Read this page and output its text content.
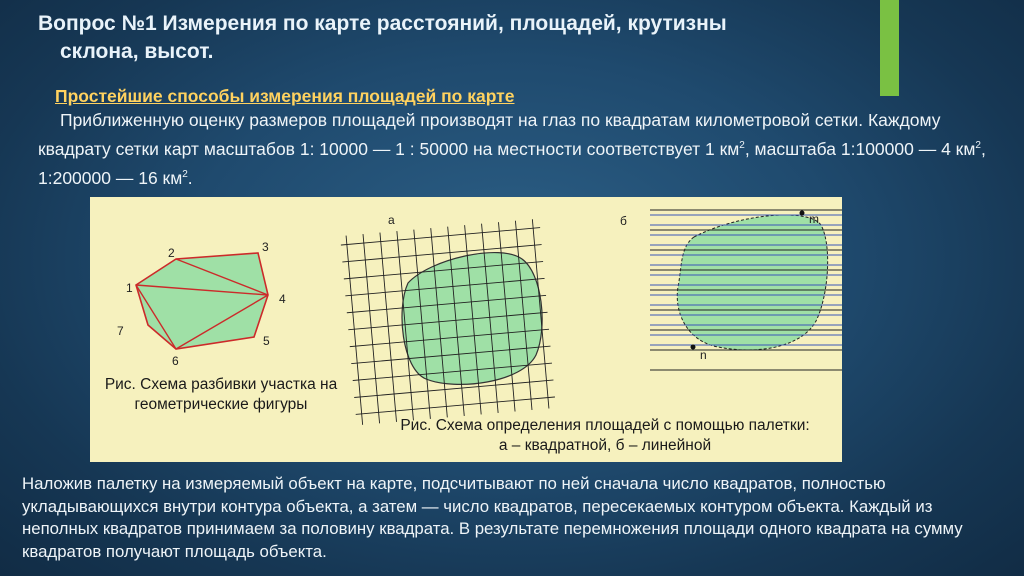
Вопрос №1 Измерения по карте расстояний, площадей, крутизны
склона, высот.
Простейшие способы измерения площадей по карте
Приближенную оценку размеров площадей производят на глаз по квадратам километровой сетки. Каждому квадрату сетки карт масштабов 1: 10000 — 1 : 50000 на местности соответствует 1 $км^2$, масштаба 1:100000 — 4 $км^2$, 1:200000 — 16 $км^2$.
1
2	3
4
5
6
7
а	б	m
n
Рис. Схема разбивки участка на геометрические фигуры
Рис. Схема определения площадей с помощью палетки:
а – квадратной, б – линейной
Наложив палетку на измеряемый объект на карте, подсчитывают по ней сначала число квадратов, полностью укладывающихся внутри контура объекта, а затем — число квадратов, пересекаемых контуром объекта. Каждый из неполных квадратов принимаем за половину квадрата. В результате перемножения площади одного квадрата на сумму квадратов получают площадь объекта.
